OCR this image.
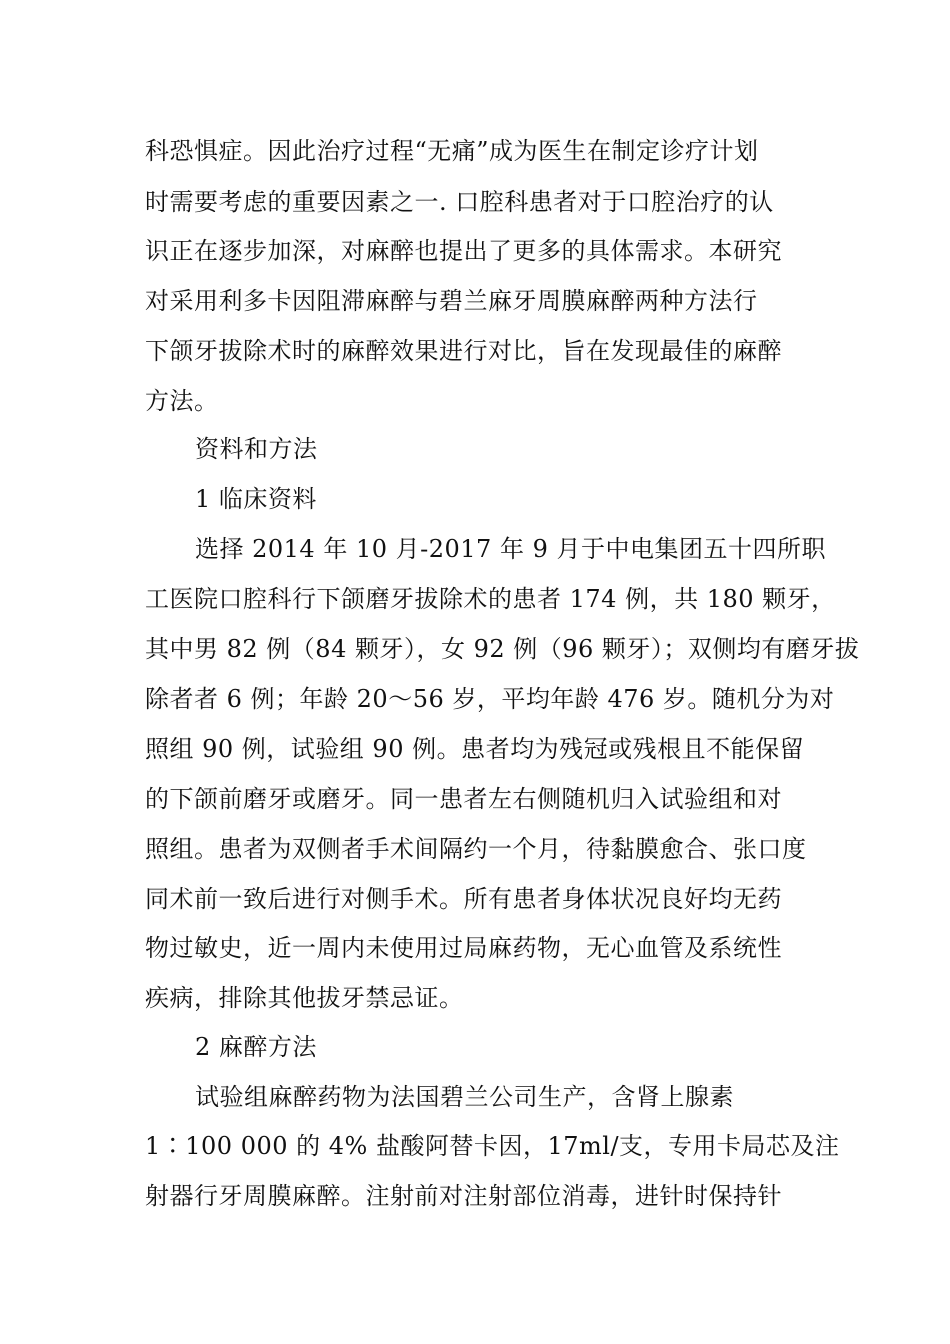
科恐惧症。因此治疗过程“无痛”成为医生在制定诊疗计划
时需要考虑的重要因素之一. 口腔科患者对于口腔治疗的认
识正在逐步加深，对麻醉也提出了更多的具体需求。本研究
对采用利多卡因阻滞麻醉与碧兰麻牙周膜麻醉两种方法行
下颌牙拔除术时的麻醉效果进行对比，旨在发现最佳的麻醉
方法。
资料和方法
1 临床资料
选择 2014 年 10 月-2017 年 9 月于中电集团五十四所职
工医院口腔科行下颌磨牙拔除术的患者 174 例，共 180 颗牙，
其中男 82 例（84 颗牙），女 92 例（96 颗牙）；双侧均有磨牙拔
除者者 6 例；年龄 20～56 岁，平均年龄 476 岁。随机分为对
照组 90 例，试验组 90 例。患者均为残冠或残根且不能保留
的下颌前磨牙或磨牙。同一患者左右侧随机归入试验组和对
照组。患者为双侧者手术间隔约一个月，待黏膜愈合、张口度
同术前一致后进行对侧手术。所有患者身体状况良好均无药
物过敏史，近一周内未使用过局麻药物，无心血管及系统性
疾病，排除其他拔牙禁忌证。
2 麻醉方法
试验组麻醉药物为法国碧兰公司生产，含肾上腺素
1∶100 000 的 4% 盐酸阿替卡因，17ml/支，专用卡局芯及注
射器行牙周膜麻醉。注射前对注射部位消毒，进针时保持针
